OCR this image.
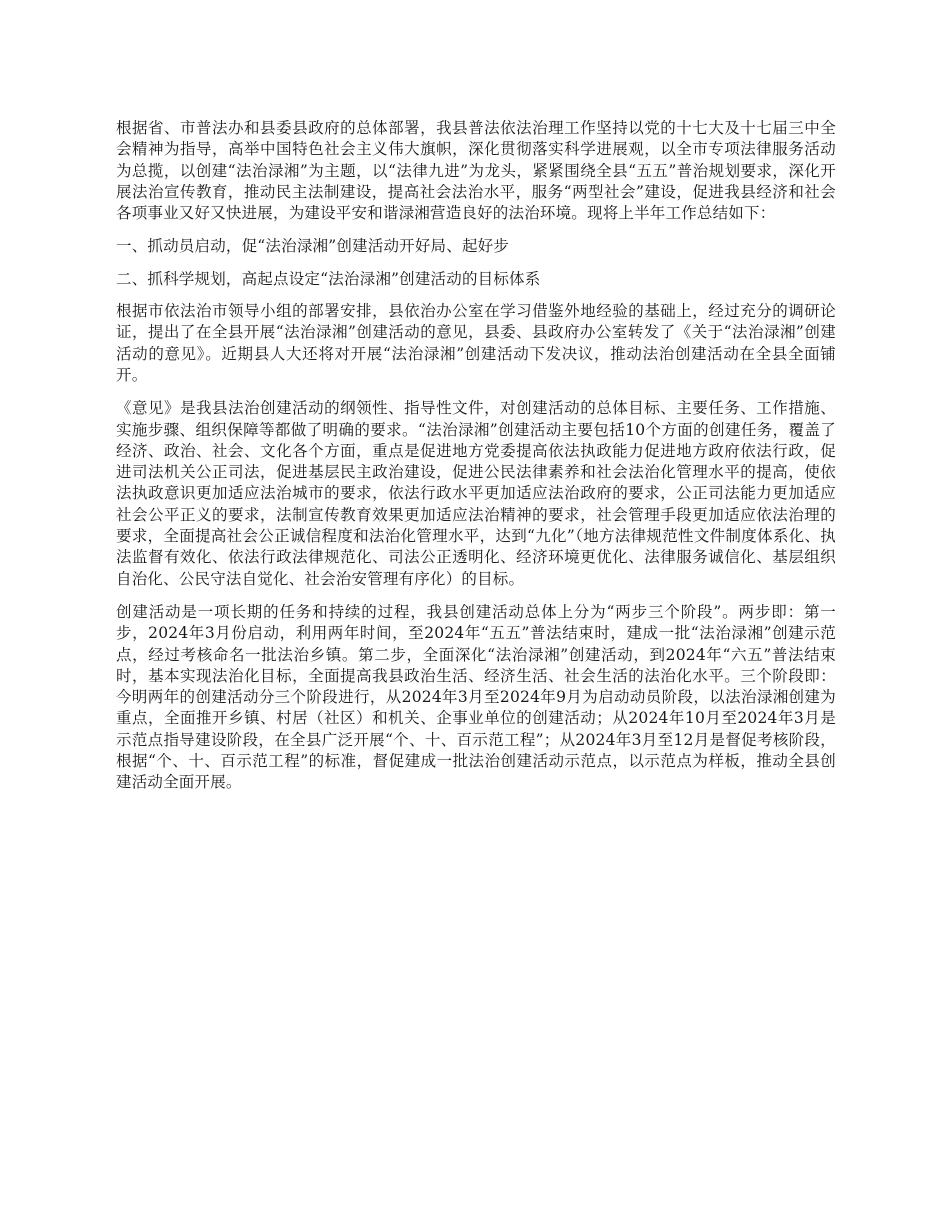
根据省、市普法办和县委县政府的总体部署，我县普法依法治理工作坚持以党的十七大及十七届三中全会精神为指导，高举中国特色社会主义伟大旗帜，深化贯彻落实科学进展观，以全市专项法律服务活动为总揽，以创建“法治渌湘”为主题，以“法律九进”为龙头，紧紧围绕全县“五五”普治规划要求，深化开展法治宣传教育，推动民主法制建设，提高社会法治水平，服务“两型社会”建设，促进我县经济和社会各项事业又好又快进展，为建设平安和谐渌湘营造良好的法治环境。现将上半年工作总结如下：

一、抓动员启动，促“法治渌湘”创建活动开好局、起好步

二、抓科学规划，高起点设定“法治渌湘”创建活动的目标体系

根据市依法治市领导小组的部署安排，县依治办公室在学习借鉴外地经验的基础上，经过充分的调研论证，提出了在全县开展“法治渌湘”创建活动的意见，县委、县政府办公室转发了《关于“法治渌湘”创建活动的意见》。近期县人大还将对开展“法治渌湘”创建活动下发决议，推动法治创建活动在全县全面铺开。

《意见》是我县法治创建活动的纲领性、指导性文件，对创建活动的总体目标、主要任务、工作措施、实施步骤、组织保障等都做了明确的要求。“法治渌湘”创建活动主要包括10个方面的创建任务，覆盖了经济、政治、社会、文化各个方面，重点是促进地方党委提高依法执政能力促进地方政府依法行政，促进司法机关公正司法，促进基层民主政治建设，促进公民法律素养和社会法治化管理水平的提高，使依法执政意识更加适应法治城市的要求，依法行政水平更加适应法治政府的要求，公正司法能力更加适应社会公平正义的要求，法制宣传教育效果更加适应法治精神的要求，社会管理手段更加适应依法治理的要求，全面提高社会公正诚信程度和法治化管理水平，达到“九化”（地方法律规范性文件制度体系化、执法监督有效化、依法行政法律规范化、司法公正透明化、经济环境更优化、法律服务诚信化、基层组织自治化、公民守法自觉化、社会治安管理有序化）的目标。

创建活动是一项长期的任务和持续的过程，我县创建活动总体上分为“两步三个阶段”。两步即：第一步，2024年3月份启动，利用两年时间，至2024年“五五”普法结束时，建成一批“法治渌湘”创建示范点，经过考核命名一批法治乡镇。第二步，全面深化“法治渌湘”创建活动，到2024年“六五”普法结束时，基本实现法治化目标，全面提高我县政治生活、经济生活、社会生活的法治化水平。三个阶段即：今明两年的创建活动分三个阶段进行，从2024年3月至2024年9月为启动动员阶段，以法治渌湘创建为重点，全面推开乡镇、村居（社区）和机关、企事业单位的创建活动；从2024年10月至2024年3月是示范点指导建设阶段，在全县广泛开展“个、十、百示范工程”；从2024年3月至12月是督促考核阶段，根据“个、十、百示范工程”的标准，督促建成一批法治创建活动示范点，以示范点为样板，推动全县创建活动全面开展。
